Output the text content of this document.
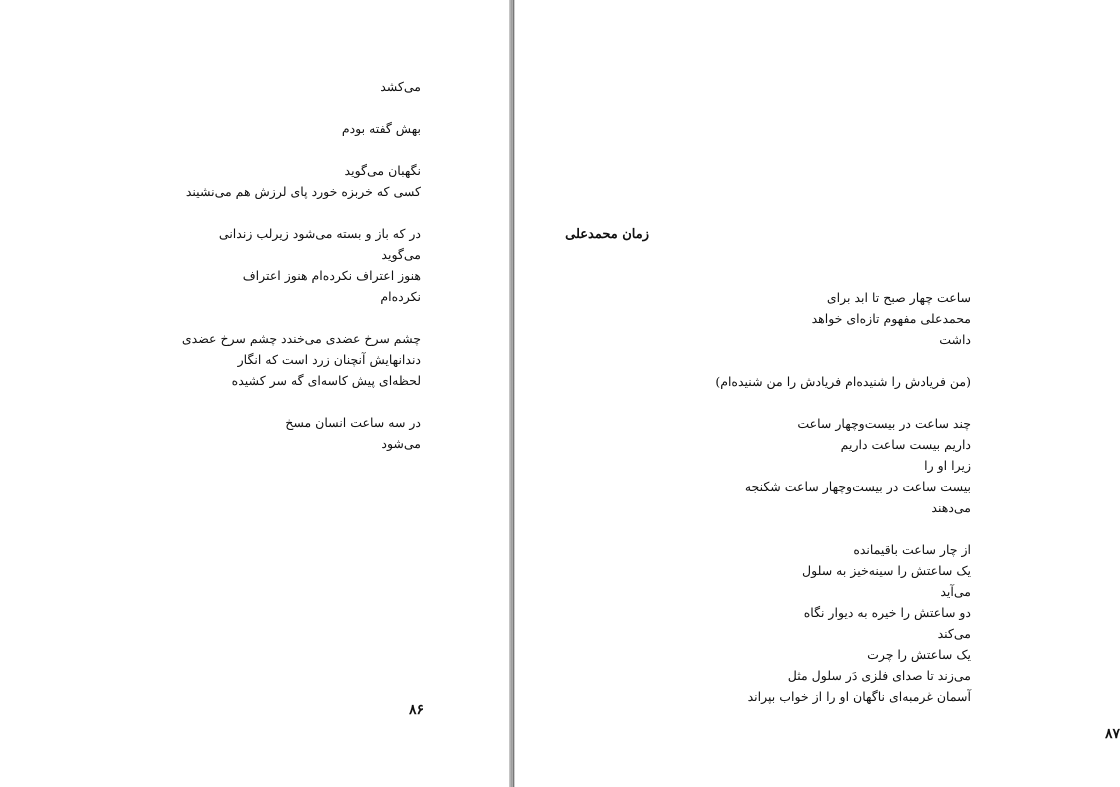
می‌کشد

بهش گفته بودم

نگهبان می‌گوید

کسی که خربزه خورد پای لرزش هم می‌نشیند

در که باز و بسته می‌شود زیرلب زندانی

می‌گوید

هنوز اعتراف نکرده‌ام هنوز اعتراف

نکرده‌ام

چشم‌ سرخ عضدی می‌خندد چشم‌ سرخ عضدی

دندانهایش آنچنان زرد است که انگار

لحظه‌ای پیش کاسه‌ای گه سر کشیده

در سه ساعت انسان مسخ

می‌شود

۸۶
زمان محمدعلی

ساعت چهار صبح تا ابد برای

محمدعلی مفهوم تازه‌ای خواهد

داشت

(من فریادش را شنیده‌ام فریادش را من شنیده‌ام)

چند ساعت در بیست‌وچهار ساعت

داریم بیست ساعت داریم

زیرا او را

بیست ساعت در بیست‌وچهار ساعت شکنجه

می‌دهند

از چار ساعت باقیمانده

یک ساعتش را سینه‌خیز به سلول

می‌آید

دو ساعتش را خیره به دیوار نگاه

می‌کند

یک ساعتش را چرت

می‌زند تا صدای فلزی دَر سلول مثل

آسمان غرمبه‌ای ناگهان او را از خواب بپراند

۸۷
